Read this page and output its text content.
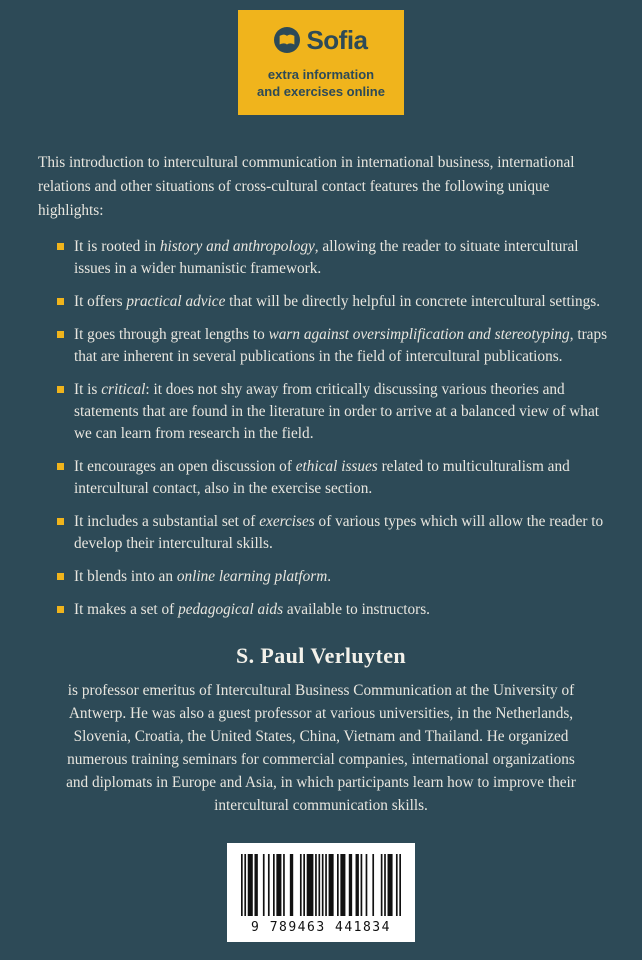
Sofia
extra information
and exercises online

This introduction to intercultural communication in international business, international relations and other situations of cross-cultural contact features the following unique highlights:

It is rooted in history and anthropology, allowing the reader to situate intercultural issues in a wider humanistic framework.
It offers practical advice that will be directly helpful in concrete intercultural settings.
It goes through great lengths to warn against oversimplification and stereotyping, traps that are inherent in several publications in the field of intercultural publications.
It is critical: it does not shy away from critically discussing various theories and statements that are found in the literature in order to arrive at a balanced view of what we can learn from research in the field.
It encourages an open discussion of ethical issues related to multiculturalism and intercultural contact, also in the exercise section.
It includes a substantial set of exercises of various types which will allow the reader to develop their intercultural skills.
It blends into an online learning platform.
It makes a set of pedagogical aids available to instructors.
S. Paul Verluyten

is professor emeritus of Intercultural Business Communication at the University of Antwerp. He was also a guest professor at various universities, in the Netherlands, Slovenia, Croatia, the United States, China, Vietnam and Thailand. He organized numerous training seminars for commercial companies, international organizations and diplomats in Europe and Asia, in which participants learn how to improve their intercultural communication skills.

9 789463 441834
